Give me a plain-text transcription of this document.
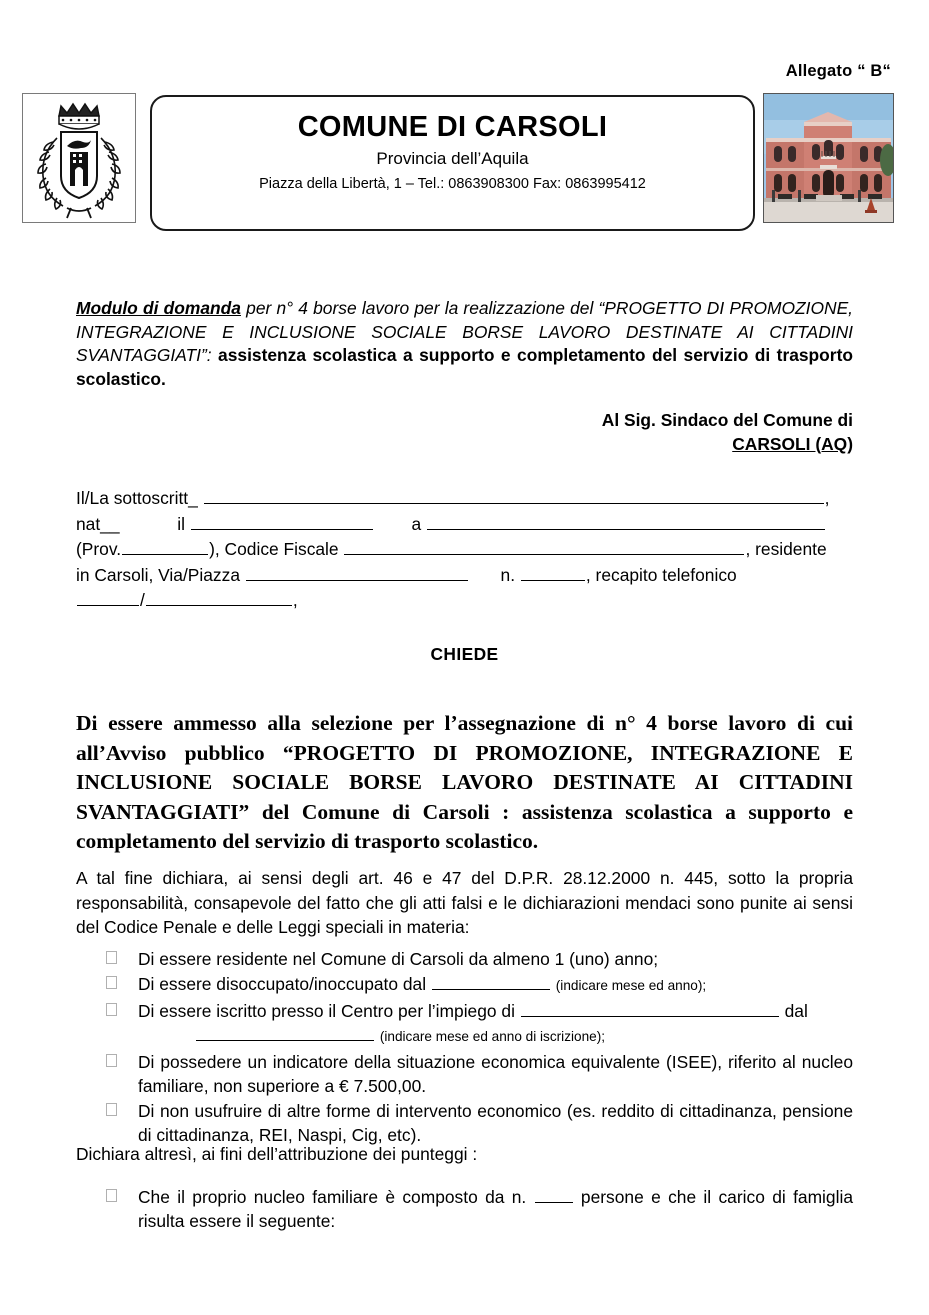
Allegato “ B“
COMUNE DI CARSOLI
Provincia dell’Aquila
Piazza della Libertà, 1 – Tel.: 0863908300 Fax: 0863995412
Modulo di domanda per n° 4 borse lavoro per la realizzazione del “PROGETTO DI PROMOZIONE, INTEGRAZIONE E INCLUSIONE SOCIALE BORSE LAVORO DESTINATE AI CITTADINI SVANTAGGIATI”: assistenza scolastica a supporto e completamento del servizio di trasporto scolastico.
Al Sig. Sindaco del Comune di
CARSOLI (AQ)
Il/La sottoscritt_	,
nat__	il	a
(Prov.	), Codice Fiscale	, residente
in Carsoli, Via/Piazza	n.	, recapito telefonico
/	,
CHIEDE
Di essere ammesso alla selezione per l’assegnazione di n° 4 borse lavoro di cui all’Avviso pubblico “PROGETTO DI PROMOZIONE, INTEGRAZIONE E INCLUSIONE SOCIALE BORSE LAVORO DESTINATE AI CITTADINI SVANTAGGIATI” del Comune di Carsoli : assistenza scolastica a supporto e completamento del servizio di trasporto scolastico.
A tal fine dichiara, ai sensi degli art. 46 e 47 del D.P.R. 28.12.2000 n. 445, sotto la propria responsabilità, consapevole del fatto che gli atti falsi e le dichiarazioni mendaci sono punite ai sensi del Codice Penale e delle Leggi speciali in materia:
Di essere residente nel Comune di Carsoli da almeno 1 (uno) anno;
Di essere disoccupato/inoccupato dal	(indicare mese ed anno);
Di essere iscritto presso il Centro per l’impiego di	dal
(indicare mese ed anno di iscrizione);
Di possedere un indicatore della situazione economica equivalente (ISEE), riferito al nucleo familiare, non superiore a € 7.500,00.
Di non usufruire di altre forme di intervento economico (es. reddito di cittadinanza, pensione di cittadinanza, REI, Naspi, Cig, etc).
Dichiara altresì, ai fini dell’attribuzione dei punteggi :
Che il proprio nucleo familiare è composto da n.	persone e che il carico di famiglia risulta essere il seguente:
